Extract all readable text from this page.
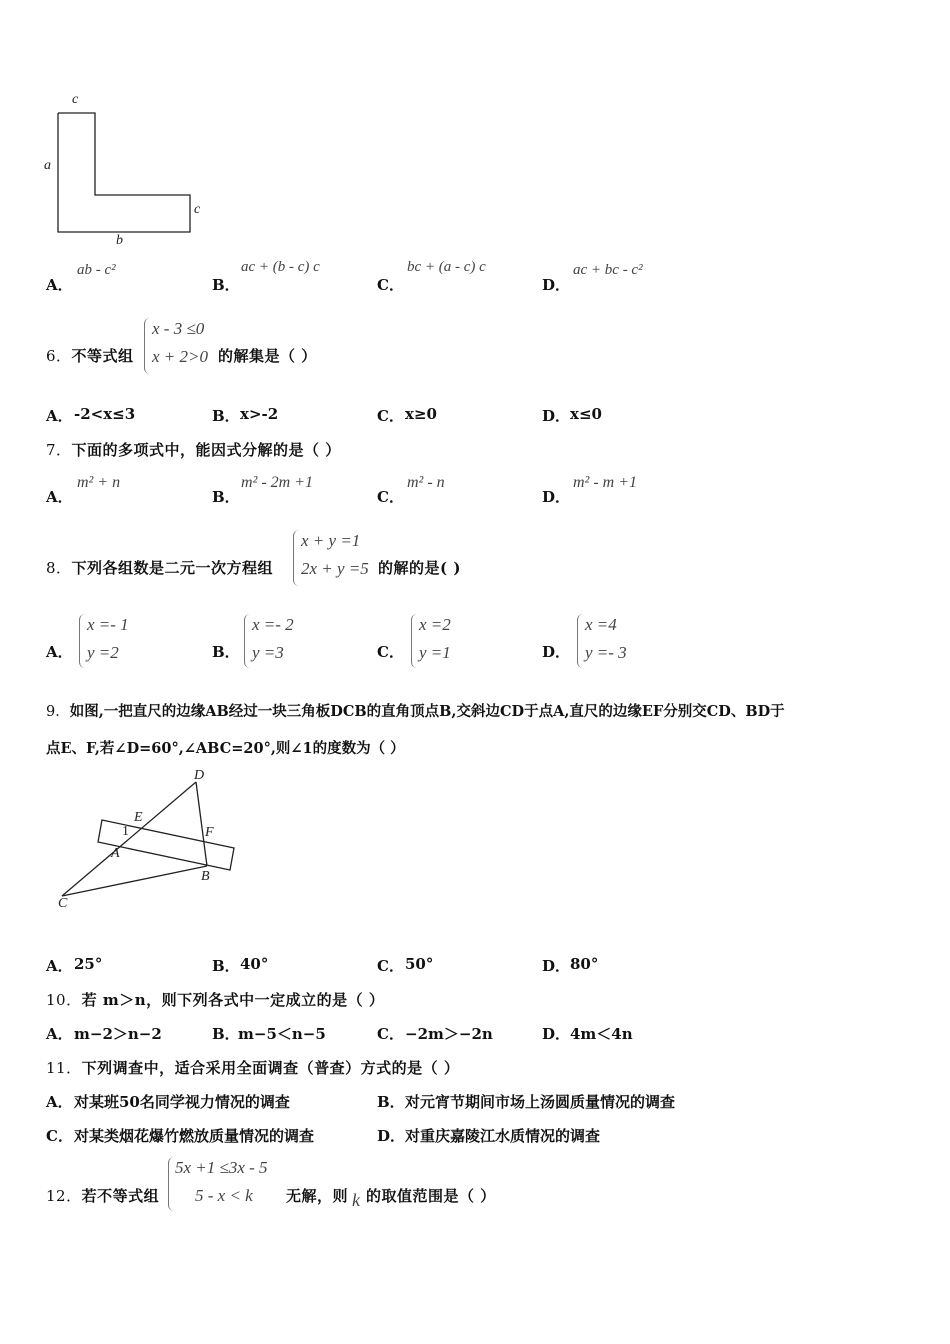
c
a
c
b
A．
ab - c²
B．
ac + (b - c) c
C．
bc + (a - c) c
D．
ac + bc - c²
6．不等式组
x - 3 ≤0
x + 2>0 的解集是（ ）
A． -2<x≤3	B． x>-2	C． x≥0	D． x≤0
7．下面的多项式中，能因式分解的是（ ）
A．
m² + n
B．
m² - 2m +1
C．
m² - n
D．
m² - m +1
8．下列各组数是二元一次方程组
x + y =1
2x + y =5 的解的是( )
A．
x =- 1
y =2	B．
x =- 2
y =3	C．
x =2
y =1	D．
x =4
y =- 3
9．如图,一把直尺的边缘AB经过一块三角板DCB的直角顶点B,交斜边CD于点A,直尺的边缘EF分别交CD、BD于
点E、F,若∠D=60°,∠ABC=20°,则∠1的度数为（ ）
D
E
F
1
A
B
C
A． 25°	B． 40°	C． 50°	D． 80°
10．若 m＞n，则下列各式中一定成立的是（ ）
A． m−2＞n−2	B．
m−5＜n−5	C． −2m＞−2n	D． 4m＜4n
11．下列调查中，适合采用全面调查（普查）方式的是（ ）
A． 对某班50名同学视力情况的调查	B． 对元宵节期间市场上汤圆质量情况的调查
C． 对某类烟花爆竹燃放质量情况的调查	D． 对重庆嘉陵江水质情况的调查
12．若不等式组
5x +1 ≤3x - 5
5 - x < k	无解，则 k 的取值范围是（ ）
